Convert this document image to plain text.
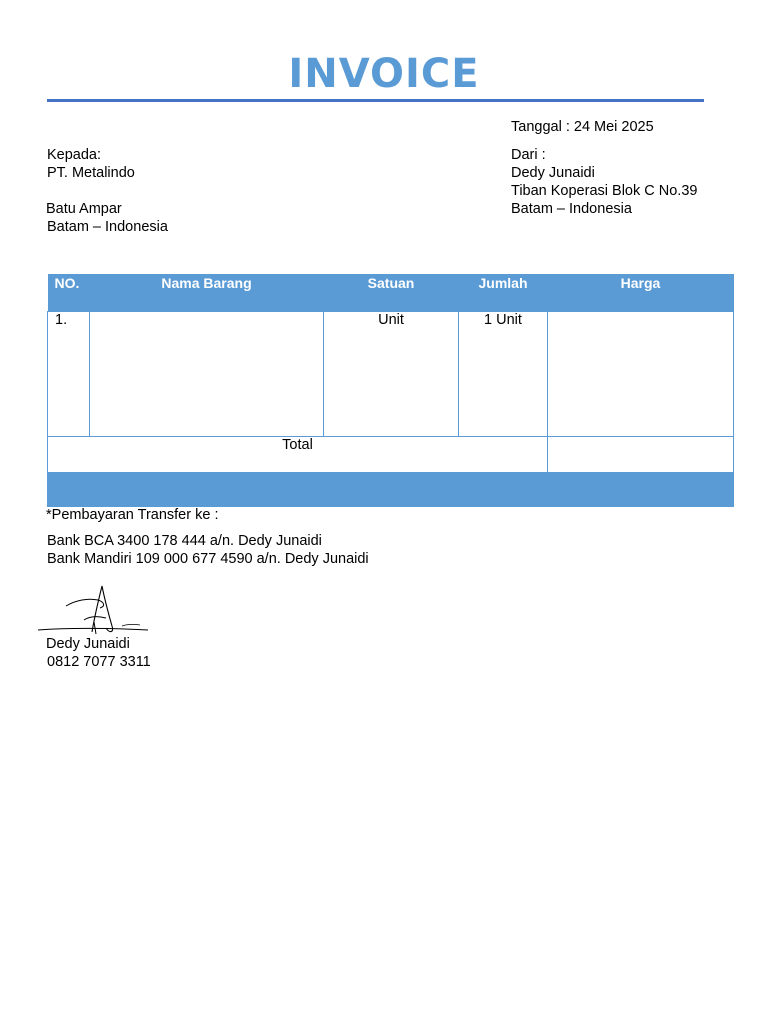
INVOICE
Tanggal : 24 Mei 2025
Kepada:
PT. Metalindo
Batu Ampar
Batam – Indonesia
Dari :
Dedy Junaidi
Tiban Koperasi Blok C No.39
Batam – Indonesia
NO.	Nama Barang	Satuan	Jumlah	Harga
1.		Unit	1 Unit	
Total				

*Pembayaran Transfer ke :
Bank BCA 3400 178 444 a/n. Dedy Junaidi
Bank Mandiri 109 000 677 4590 a/n. Dedy Junaidi
Dedy Junaidi
0812 7077 3311
